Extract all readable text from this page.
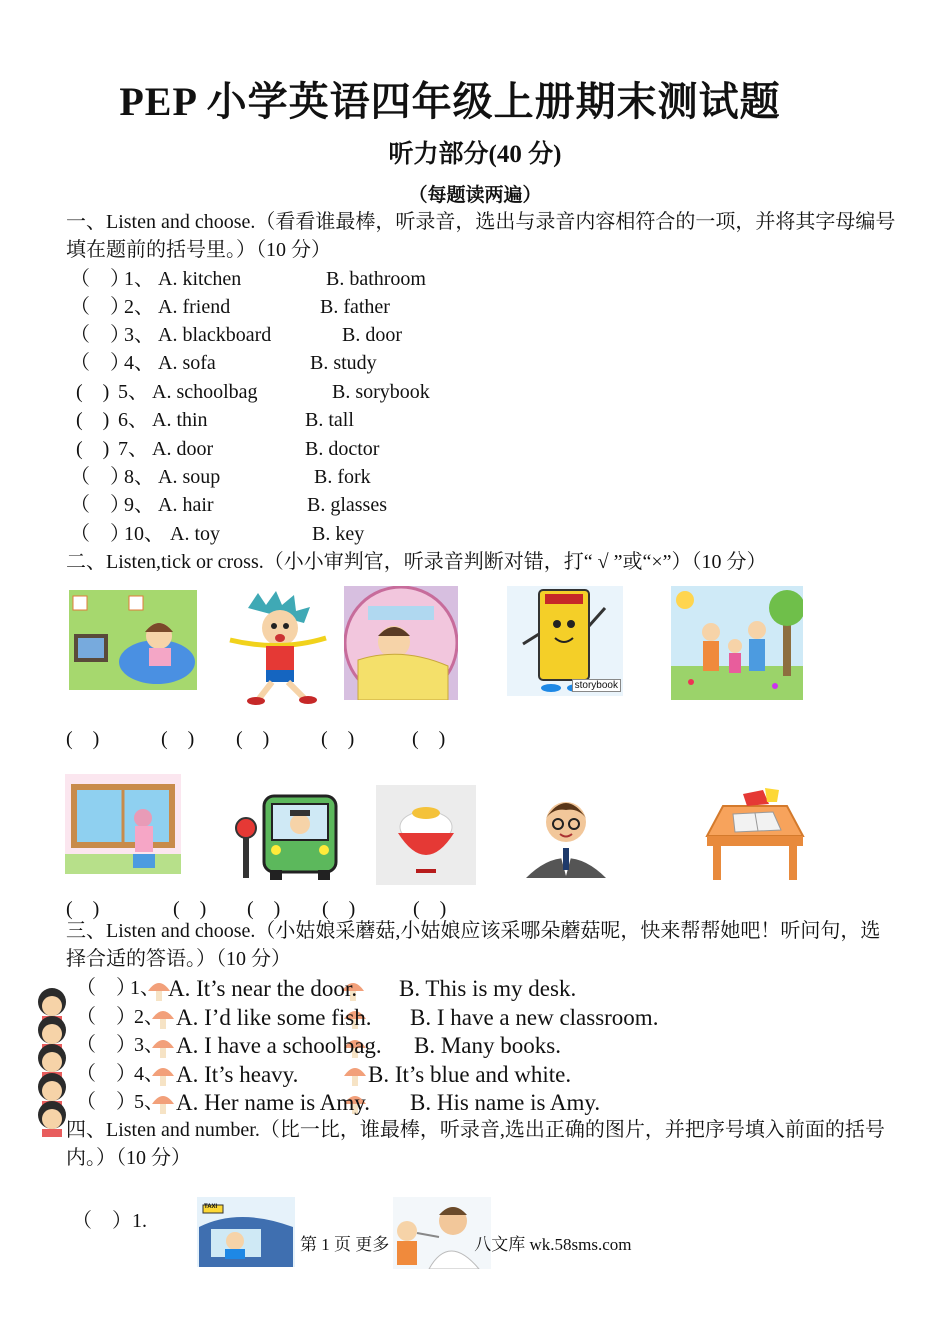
PEP 小学英语四年级上册期末测试题
听力部分(40 分)
（每题读两遍）
一、Listen and choose.（看看谁最棒，听录音，选出与录音内容相符合的一项，并将其字母编号填在题前的括号里。）（10 分）
（　）
1、 A. kitchen	B. bathroom
（　）
2、 A. friend	B. father
（　）
3、 A. blackboard	B. door
（　）
4、 A. sofa	B. study
(　) 5、 A. schoolbag	B. sorybook
(　) 6、 A. thin	B. tall
(　) 7、 A. door	B. doctor
（　）
8、 A. soup	B. fork
（　）
9、 A. hair	B. glasses
（　）
10、 A. toy	B. key
二、Listen,tick or cross.（小小审判官，听录音判断对错，打“ √ ”或“×”）（10 分）
storybook
(　)	(　) (　)	(　)	(　)
(　)	(　) (　) (　)	(　)
三、Listen and choose.（小姑娘采蘑菇,小姑娘应该采哪朵蘑菇呢，快来帮帮她吧！听问句，选择合适的答语。）（10 分）
（　）
1、 A. It’s near the door. B. This is my desk.
（　）
2、 A. I’d like some fish. B. I have a new classroom.
（　）
3、 A. I have a schoolbag. B. Many books.
（　）
4、 A. It’s heavy.	B. It’s blue and white.
（　）
5、 A. Her name is Amy. B. His name is Amy.
四、Listen and number.（比一比，谁最棒，听录音,选出正确的图片，并把序号填入前面的括号内。）（10 分）
（　）1.
TAXI
第 1 页 更多　　　　　八文库 wk.58sms.com
